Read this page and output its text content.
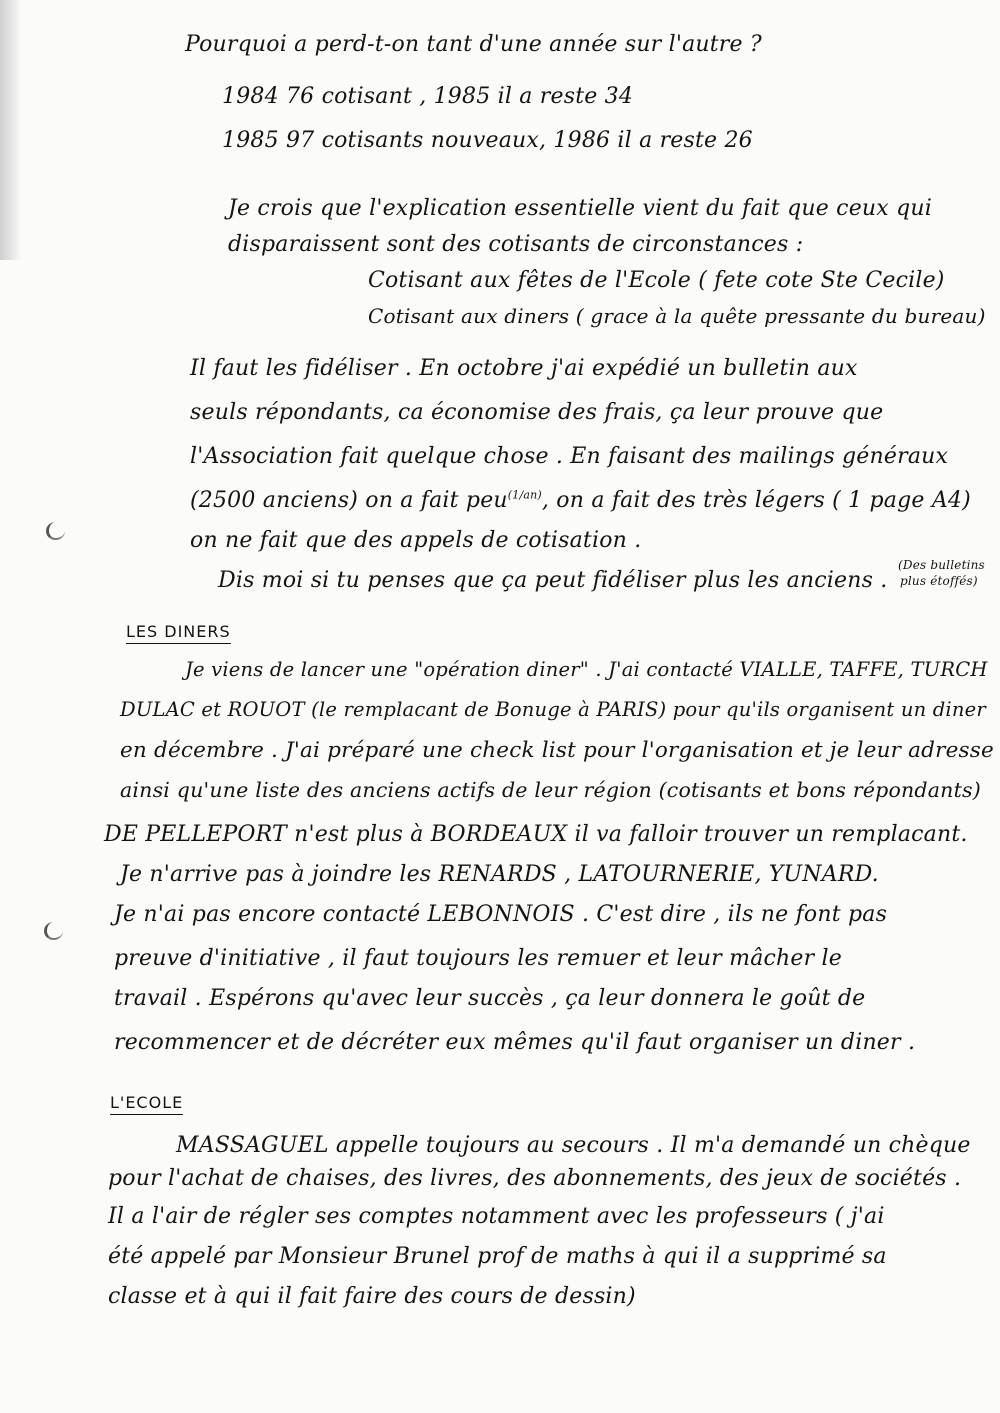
Pourquoi a perd-t-on tant d'une année sur l'autre ?
1984 76 cotisant , 1985 il a reste 34
1985 97 cotisants nouveaux, 1986 il a reste 26
Je crois que l'explication essentielle vient du fait que ceux qui
disparaissent sont des cotisants de circonstances :
Cotisant aux fêtes de l'Ecole ( fete cote Ste Cecile)
Cotisant aux diners ( grace à la quête pressante du bureau)
Il faut les fidéliser . En octobre j'ai expédié un bulletin aux
seuls répondants, ca économise des frais, ça leur prouve que
l'Association fait quelque chose . En faisant des mailings généraux
(2500 anciens) on a fait peu$^{(1/an)}$, on a fait des très légers ( 1 page A4)
on ne fait que des appels de cotisation .
Dis moi si tu penses que ça peut fidéliser plus les anciens .
(Des bulletins
plus étoffés)
LES DINERS
Je viens de lancer une "opération diner" . J'ai contacté VIALLE, TAFFE, TURCH
DULAC et ROUOT (le remplacant de Bonuge à PARIS) pour qu'ils organisent un diner
en décembre . J'ai préparé une check list pour l'organisation et je leur adresse
ainsi qu'une liste des anciens actifs de leur région (cotisants et bons répondants)
DE PELLEPORT n'est plus à BORDEAUX il va falloir trouver un remplacant.
Je n'arrive pas à joindre les RENARDS , LATOURNERIE, YUNARD.
Je n'ai pas encore contacté LEBONNOIS . C'est dire , ils ne font pas
preuve d'initiative , il faut toujours les remuer et leur mâcher le
travail . Espérons qu'avec leur succès , ça leur donnera le goût de
recommencer et de décréter eux mêmes qu'il faut organiser un diner .
L'ECOLE
MASSAGUEL appelle toujours au secours . Il m'a demandé un chèque
pour l'achat de chaises, des livres, des abonnements, des jeux de sociétés .
Il a l'air de régler ses comptes notamment avec les professeurs ( j'ai
été appelé par Monsieur Brunel prof de maths à qui il a supprimé sa
classe et à qui il fait faire des cours de dessin)
